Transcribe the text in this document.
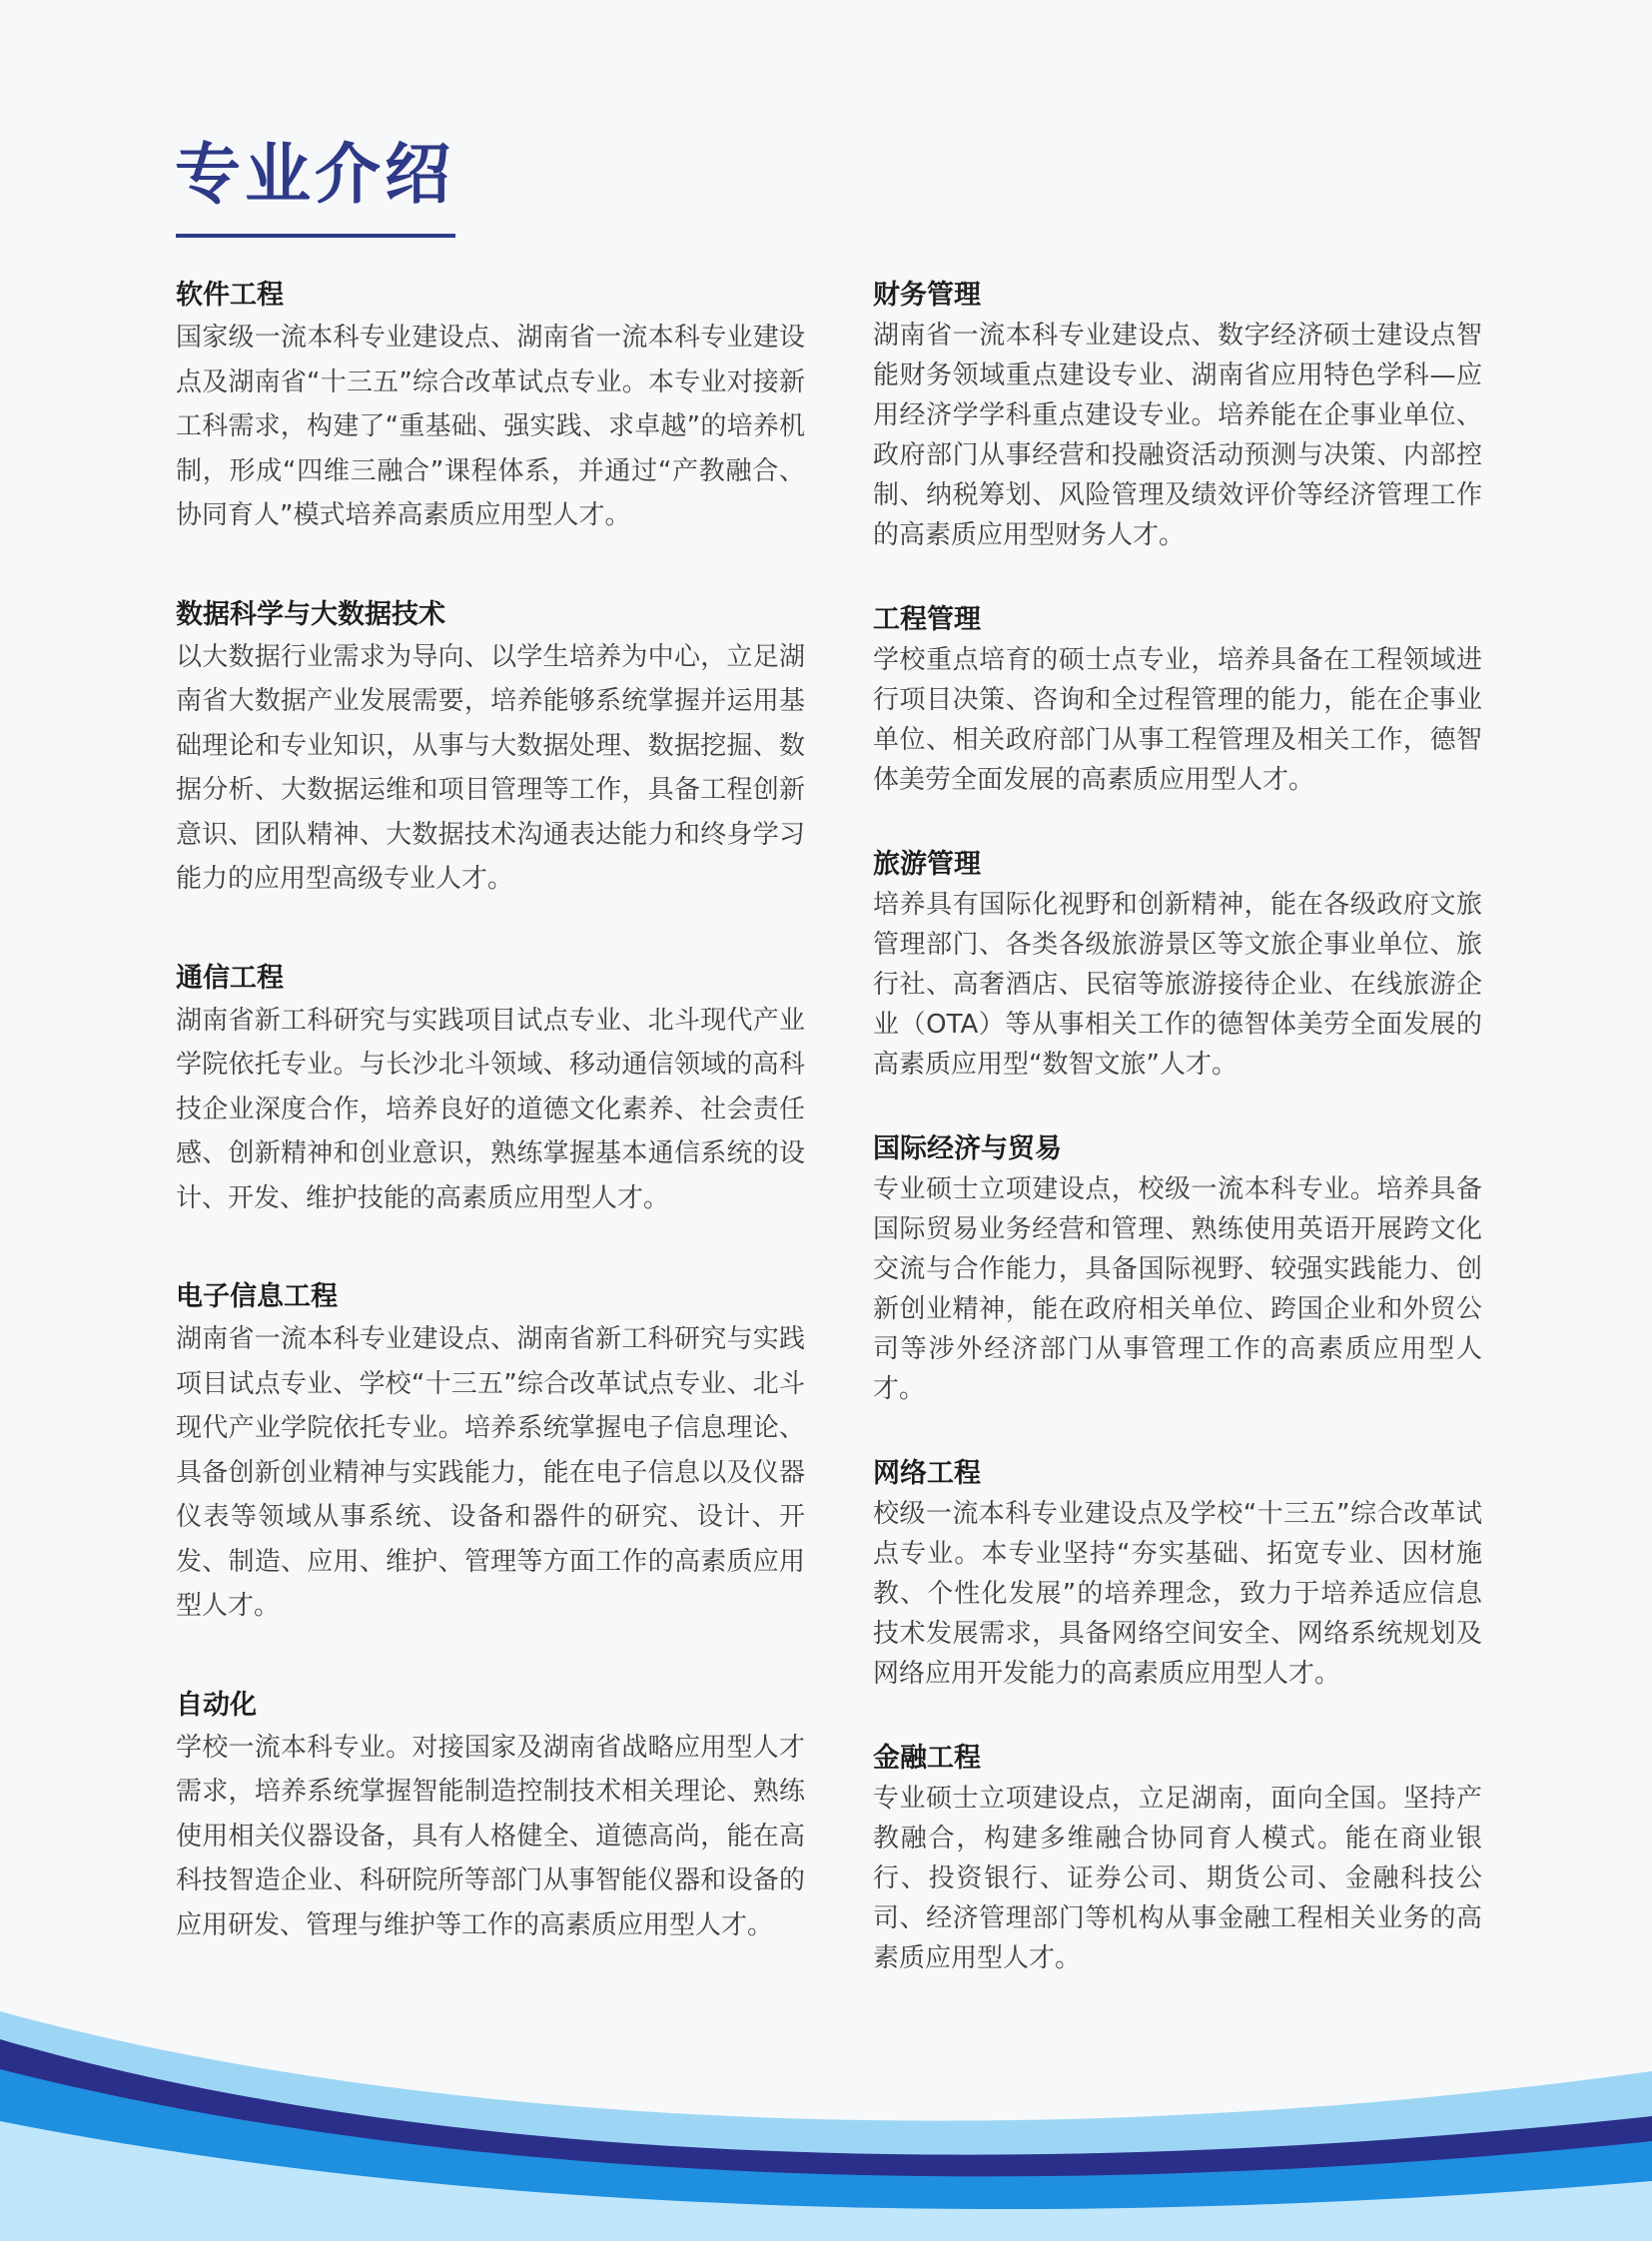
专业介绍
软件工程

国家级一流本科专业建设点、湖南省一流本科专业建设点及湖南省“十三五”综合改革试点专业。本专业对接新工科需求，构建了“重基础、强实践、求卓越”的培养机制，形成“四维三融合”课程体系，并通过“产教融合、协同育人”模式培养高素质应用型人才。

数据科学与大数据技术

以大数据行业需求为导向、以学生培养为中心，立足湖南省大数据产业发展需要，培养能够系统掌握并运用基础理论和专业知识，从事与大数据处理、数据挖掘、数据分析、大数据运维和项目管理等工作，具备工程创新意识、团队精神、大数据技术沟通表达能力和终身学习能力的应用型高级专业人才。

通信工程

湖南省新工科研究与实践项目试点专业、北斗现代产业学院依托专业。与长沙北斗领域、移动通信领域的高科技企业深度合作，培养良好的道德文化素养、社会责任感、创新精神和创业意识，熟练掌握基本通信系统的设计、开发、维护技能的高素质应用型人才。

电子信息工程

湖南省一流本科专业建设点、湖南省新工科研究与实践项目试点专业、学校“十三五”综合改革试点专业、北斗现代产业学院依托专业。培养系统掌握电子信息理论、具备创新创业精神与实践能力，能在电子信息以及仪器仪表等领域从事系统、设备和器件的研究、设计、开发、制造、应用、维护、管理等方面工作的高素质应用型人才。

自动化

学校一流本科专业。对接国家及湖南省战略应用型人才需求，培养系统掌握智能制造控制技术相关理论、熟练使用相关仪器设备，具有人格健全、道德高尚，能在高科技智造企业、科研院所等部门从事智能仪器和设备的应用研发、管理与维护等工作的高素质应用型人才。

财务管理

湖南省一流本科专业建设点、数字经济硕士建设点智能财务领域重点建设专业、湖南省应用特色学科—应用经济学学科重点建设专业。培养能在企事业单位、政府部门从事经营和投融资活动预测与决策、内部控制、纳税筹划、风险管理及绩效评价等经济管理工作的高素质应用型财务人才。

工程管理

学校重点培育的硕士点专业，培养具备在工程领域进行项目决策、咨询和全过程管理的能力，能在企事业单位、相关政府部门从事工程管理及相关工作，德智体美劳全面发展的高素质应用型人才。

旅游管理

培养具有国际化视野和创新精神，能在各级政府文旅管理部门、各类各级旅游景区等文旅企事业单位、旅行社、高奢酒店、民宿等旅游接待企业、在线旅游企业（OTA）等从事相关工作的德智体美劳全面发展的高素质应用型“数智文旅”人才。

国际经济与贸易

专业硕士立项建设点，校级一流本科专业。培养具备国际贸易业务经营和管理、熟练使用英语开展跨文化交流与合作能力，具备国际视野、较强实践能力、创新创业精神，能在政府相关单位、跨国企业和外贸公司等涉外经济部门从事管理工作的高素质应用型人才。

网络工程

校级一流本科专业建设点及学校“十三五”综合改革试点专业。本专业坚持“夯实基础、拓宽专业、因材施教、个性化发展”的培养理念，致力于培养适应信息技术发展需求，具备网络空间安全、网络系统规划及网络应用开发能力的高素质应用型人才。

金融工程

专业硕士立项建设点，立足湖南，面向全国。坚持产教融合，构建多维融合协同育人模式。能在商业银行、投资银行、证券公司、期货公司、金融科技公司、经济管理部门等机构从事金融工程相关业务的高素质应用型人才。
